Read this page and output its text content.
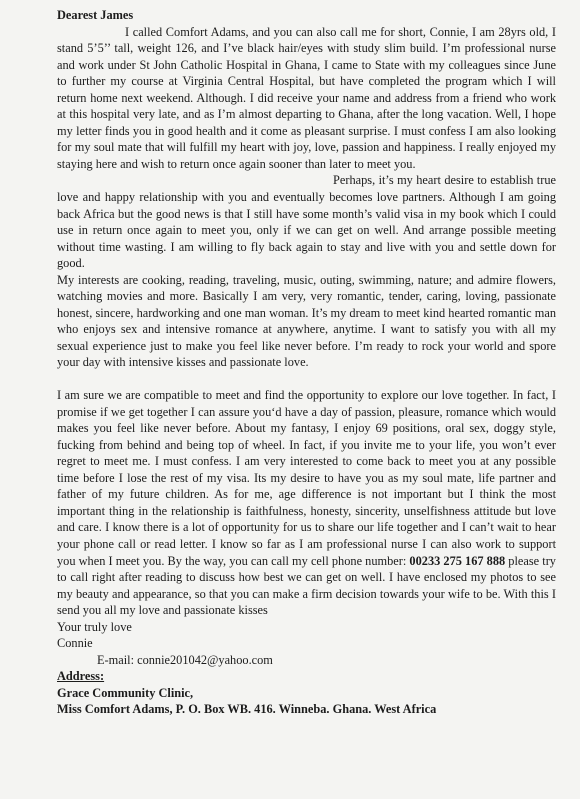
Dearest James

I called Comfort Adams, and you can also call me for short, Connie, I am 28yrs old, I stand 5’5’’ tall, weight 126, and I’ve black hair/eyes with study slim build. I’m professional nurse and work under St John Catholic Hospital in Ghana, I came to State with my colleagues since June to further my course at Virginia Central Hospital, but have completed the program which I will return home next weekend. Although. I did receive your name and address from a friend who work at this hospital very late, and as I’m almost departing to Ghana, after the long vacation. Well, I hope my letter finds you in good health and it come as pleasant surprise. I must confess I am also looking for my soul mate that will fulfill my heart with joy, love, passion and happiness. I really enjoyed my staying here and wish to return once again sooner than later to meet you.

Perhaps, it’s my heart desire to establish true love and happy relationship with you and eventually becomes love partners. Although I am going back Africa but the good news is that I still have some month’s valid visa in my book which I could use in return once again to meet you, only if we can get on well. And arrange possible meeting without time wasting. I am willing to fly back again to stay and live with you and settle down for good.

My interests are cooking, reading, traveling, music, outing, swimming, nature; and admire flowers, watching movies and more. Basically I am very, very romantic, tender, caring, loving, passionate honest, sincere, hardworking and one man woman. It’s my dream to meet kind hearted romantic man who enjoys sex and intensive romance at anywhere, anytime. I want to satisfy you with all my sexual experience just to make you feel like never before. I’m ready to rock your world and spore your day with intensive kisses and passionate love.

I am sure we are compatible to meet and find the opportunity to explore our love together. In fact, I promise if we get together I can assure you‘d have a day of passion, pleasure, romance which would makes you feel like never before. About my fantasy, I enjoy 69 positions, oral sex, doggy style, fucking from behind and being top of wheel. In fact, if you invite me to your life, you won’t ever regret to meet me. I must confess. I am very interested to come back to meet you at any possible time before I lose the rest of my visa. Its my desire to have you as my soul mate, life partner and father of my future children. As for me, age difference is not important but I think the most important thing in the relationship is faithfulness, honesty, sincerity, unselfishness attitude but love and care. I know there is a lot of opportunity for us to share our life together and I can’t wait to hear your phone call or read letter. I know so far as I am professional nurse I can also work to support you when I meet you. By the way, you can call my cell phone number: 00233 275 167 888 please try to call right after reading to discuss how best we can get on well. I have enclosed my photos to see my beauty and appearance, so that you can make a firm decision towards your wife to be. With this I send you all my love and passionate kisses

Your truly love

Connie

E-mail: connie201042@yahoo.com

Address:

Grace Community Clinic,

Miss Comfort Adams, P. O. Box WB. 416. Winneba. Ghana. West Africa
